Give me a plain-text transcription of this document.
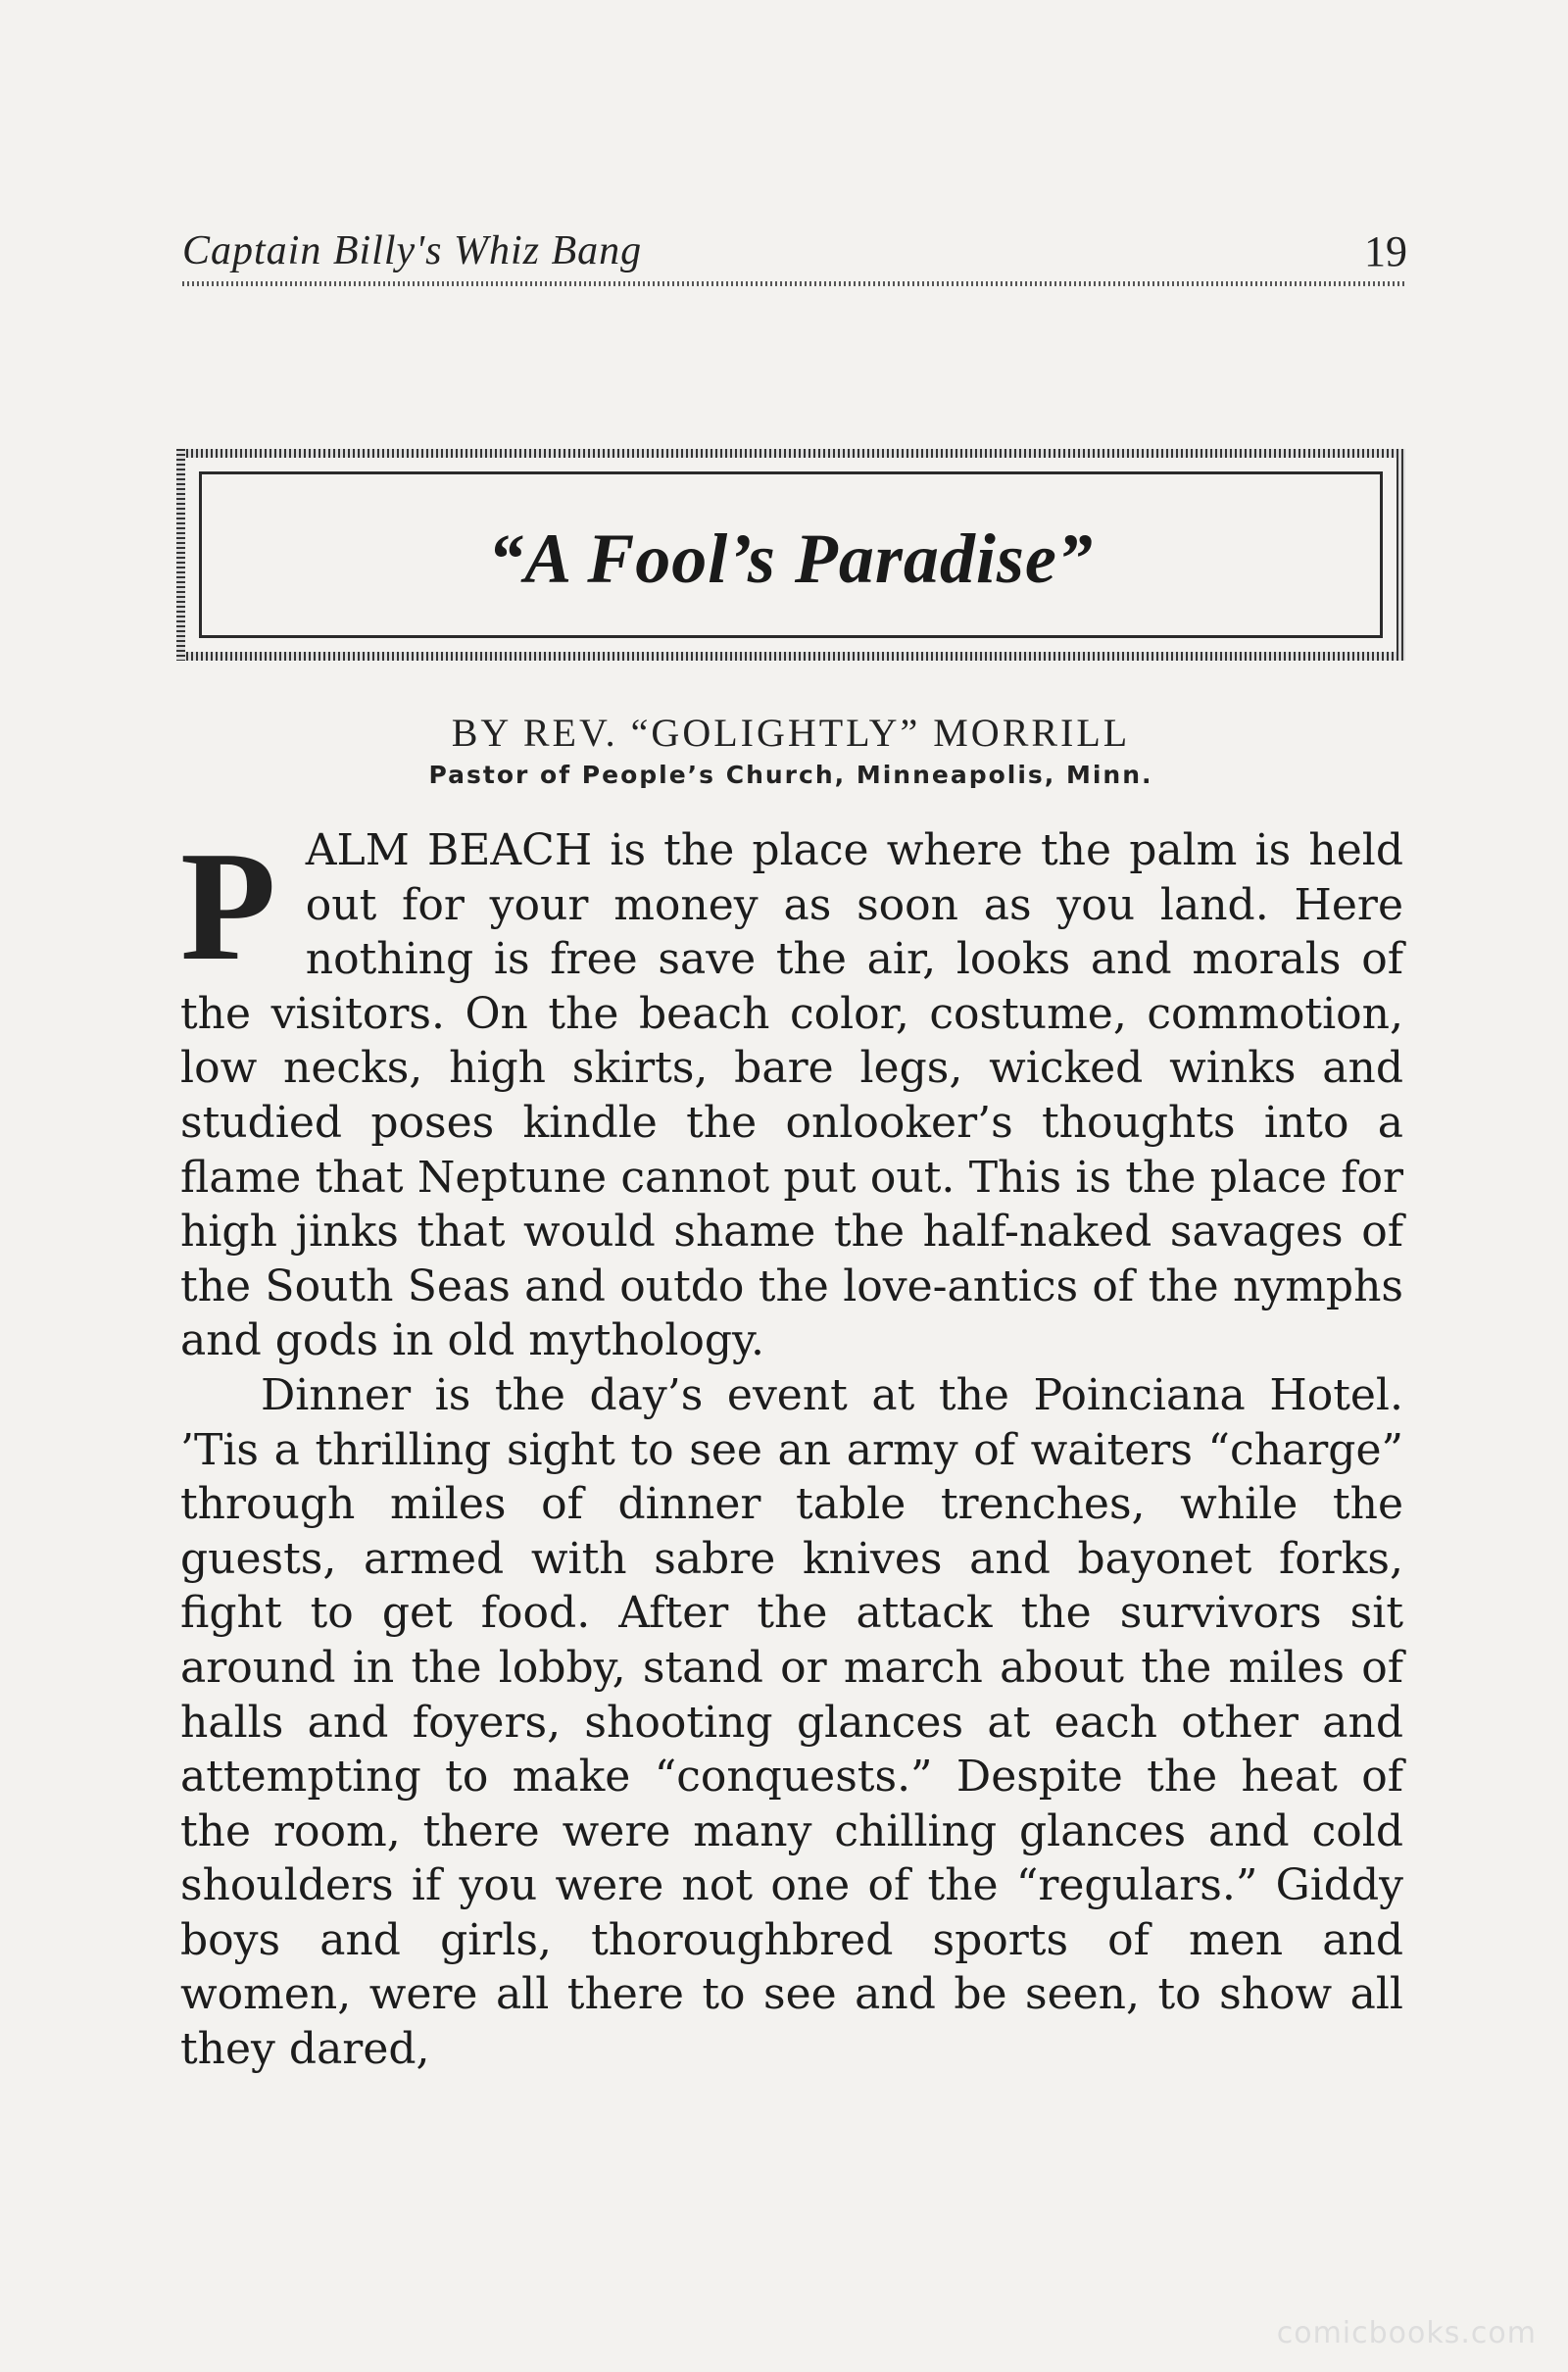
Captain Billy's Whiz Bang	19
“A Fool’s Paradise”
BY REV. “GOLIGHTLY” MORRILL
Pastor of People’s Church, Minneapolis, Minn.

PALM BEACH is the place where the palm is held out for your money as soon as you land. Here nothing is free save the air, looks and morals of the visitors. On the beach color, costume, commotion, low necks, high skirts, bare legs, wicked winks and studied poses kindle the onlooker’s thoughts into a flame that Neptune cannot put out. This is the place for high jinks that would shame the half-naked savages of the South Seas and outdo the love-antics of the nymphs and gods in old mythology.

Dinner is the day’s event at the Poinciana Hotel. ’Tis a thrilling sight to see an army of waiters “charge” through miles of dinner table trenches, while the guests, armed with sabre knives and bayonet forks, fight to get food. After the attack the survivors sit around in the lobby, stand or march about the miles of halls and foyers, shooting glances at each other and attempting to make “conquests.” Despite the heat of the room, there were many chilling glances and cold shoulders if you were not one of the “regulars.” Giddy boys and girls, thoroughbred sports of men and women, were all there to see and be seen, to show all they dared,

comicbooks.com
